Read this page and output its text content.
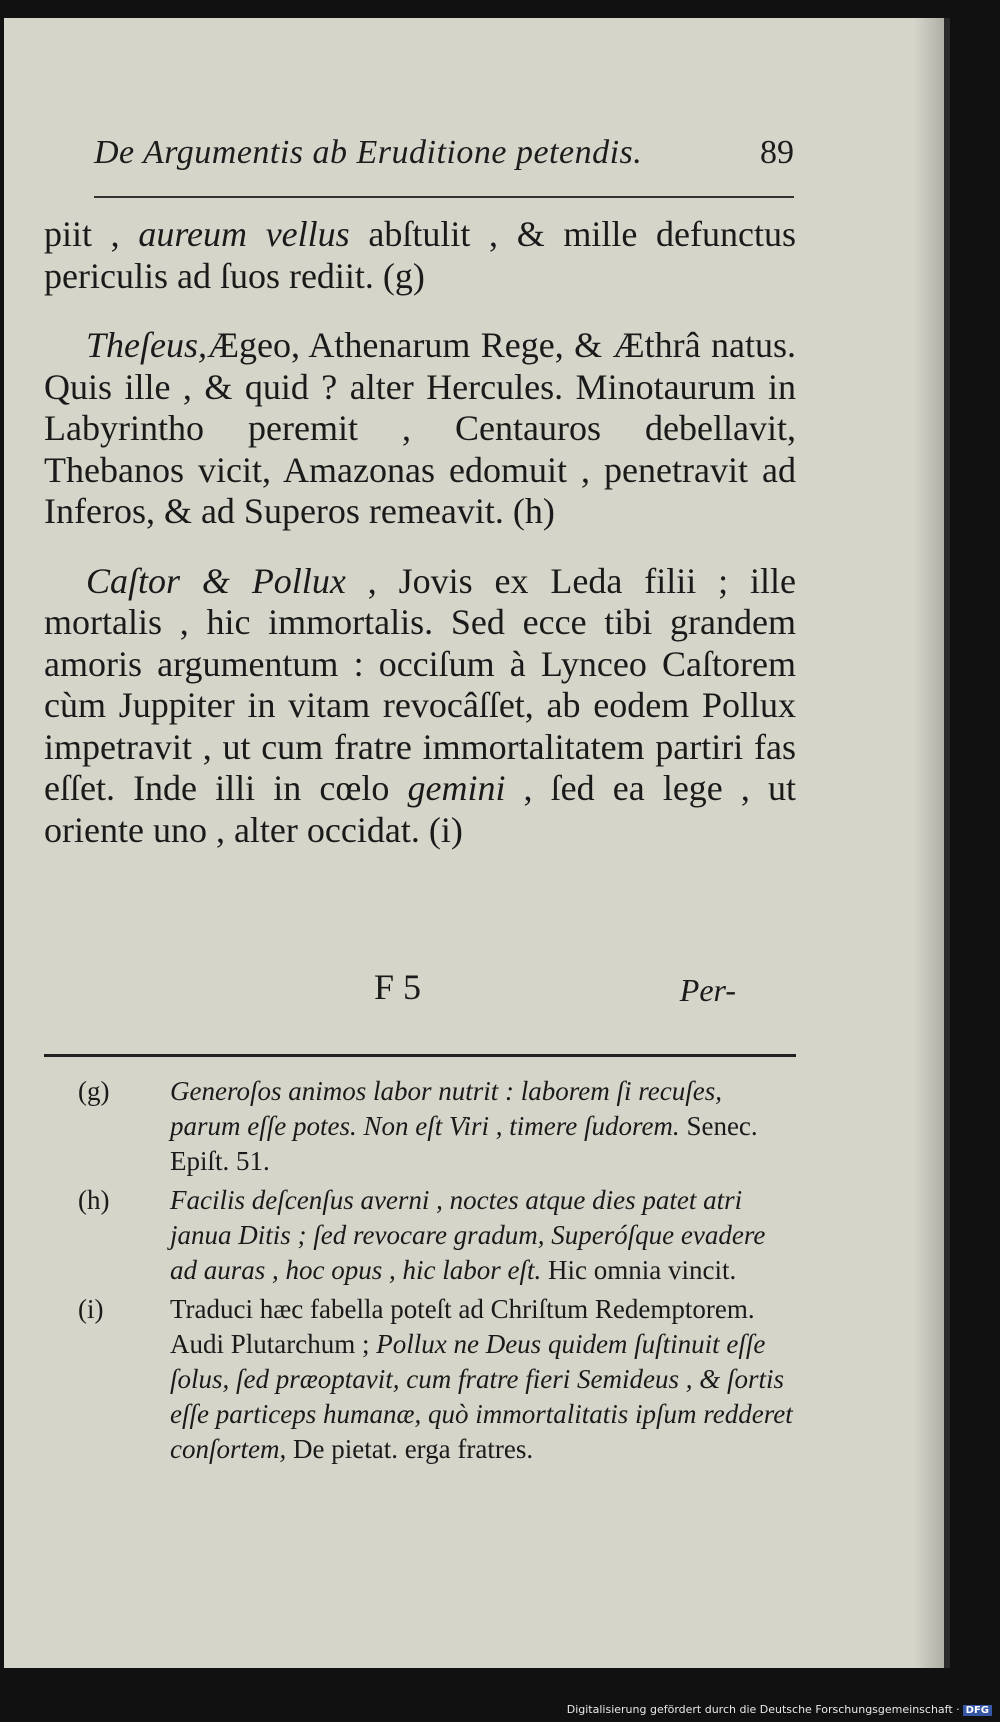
De Argumentis ab Eruditione petendis.	89

piit , aureum vellus abſtulit , & mille defunctus periculis ad ſuos rediit. (g)

Theſeus,Ægeo, Athenarum Rege, & Æthrâ natus. Quis ille , & quid ? alter Hercules. Minotaurum in Labyrintho peremit , Centauros debellavit, Thebanos vicit, Amazonas edomuit , penetravit ad Inferos, & ad Superos remeavit. (h)

Caſtor & Pollux , Jovis ex Leda filii ; ille mortalis , hic immortalis. Sed ecce tibi grandem amoris argumentum : occiſum à Lynceo Caſtorem cùm Juppiter in vitam revocâſſet, ab eodem Pollux impetravit , ut cum fratre immortalitatem partiri fas eſſet. Inde illi in cœlo gemini , ſed ea lege , ut oriente uno , alter occidat. (i)

F 5	Per-
(g)	Generoſos animos labor nutrit : laborem ſi recuſes, parum eſſe potes. Non eſt Viri , timere ſudorem. Senec. Epiſt. 51.
(h)	Facilis deſcenſus averni , noctes atque dies patet atri janua Ditis ; ſed revocare gradum, Superóſque evadere ad auras , hoc opus , hic labor eſt. Hic omnia vincit.
(i)	Traduci hæc fabella poteſt ad Chriſtum Redemptorem. Audi Plutarchum ; Pollux ne Deus quidem ſuſtinuit eſſe ſolus, ſed præoptavit, cum fratre fieri Semideus , & ſortis eſſe particeps humanæ, quò immortalitatis ipſum redderet conſortem, De pietat. erga fratres.
Digitalisierung gefördert durch die Deutsche Forschungsgemeinschaft · DFG
